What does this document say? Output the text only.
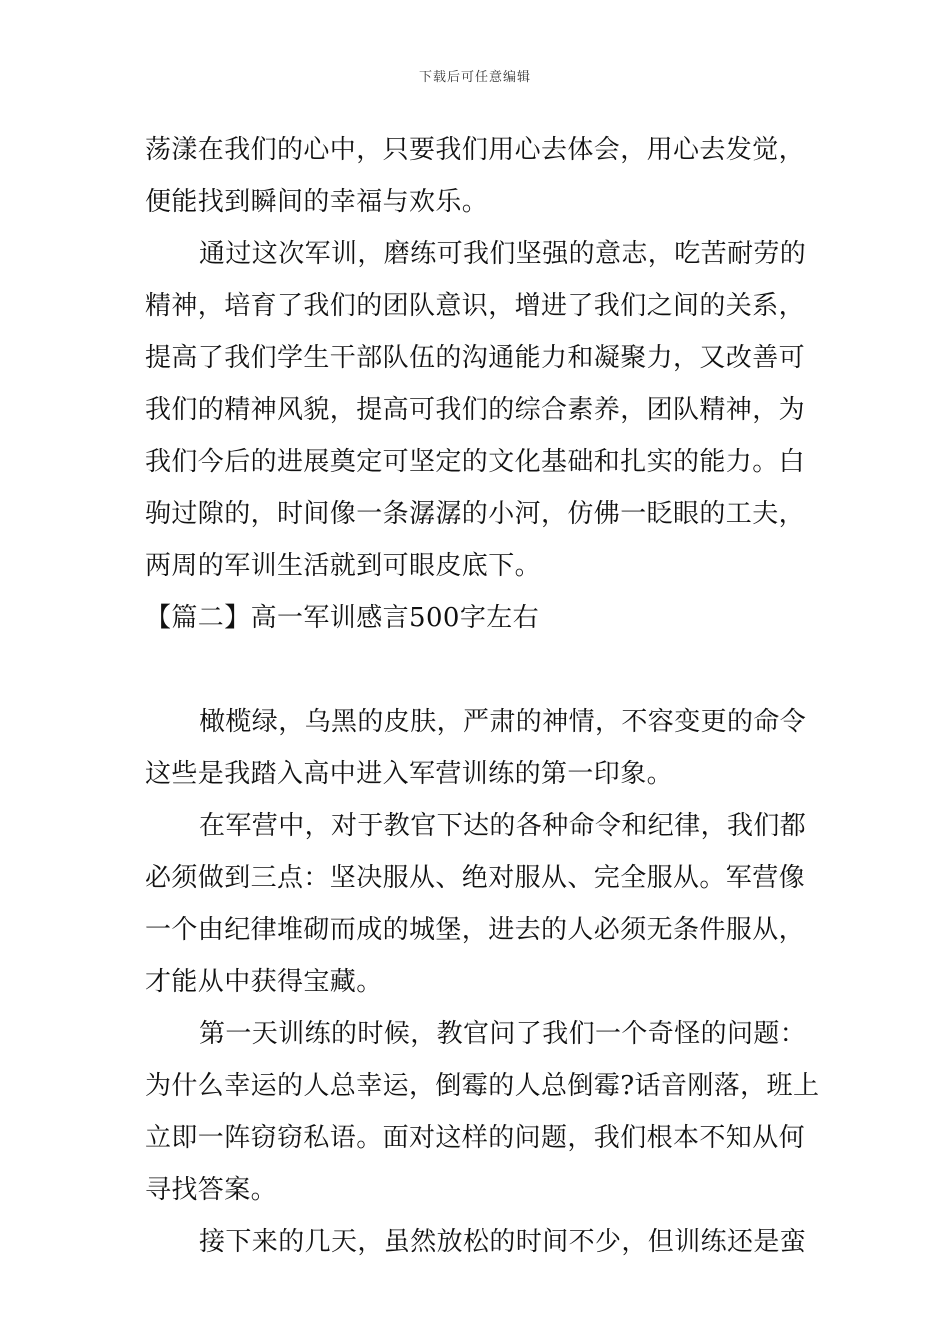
下载后可任意编辑
荡漾在我们的心中，只要我们用心去体会，用心去发觉，
便能找到瞬间的幸福与欢乐。
通过这次军训，磨练可我们坚强的意志，吃苦耐劳的
精神，培育了我们的团队意识，增进了我们之间的关系，
提高了我们学生干部队伍的沟通能力和凝聚力，又改善可
我们的精神风貌，提高可我们的综合素养，团队精神，为
我们今后的进展奠定可坚定的文化基础和扎实的能力。白
驹过隙的，时间像一条潺潺的小河，仿佛一眨眼的工夫，
两周的军训生活就到可眼皮底下。
【篇二】高一军训感言500字左右
橄榄绿，乌黑的皮肤，严肃的神情，不容变更的命令
这些是我踏入高中进入军营训练的第一印象。
在军营中，对于教官下达的各种命令和纪律，我们都
必须做到三点：坚决服从、绝对服从、完全服从。军营像
一个由纪律堆砌而成的城堡，进去的人必须无条件服从，
才能从中获得宝藏。
第一天训练的时候，教官问了我们一个奇怪的问题：
为什么幸运的人总幸运，倒霉的人总倒霉?话音刚落，班上
立即一阵窃窃私语。面对这样的问题，我们根本不知从何
寻找答案。
接下来的几天，虽然放松的时间不少，但训练还是蛮
